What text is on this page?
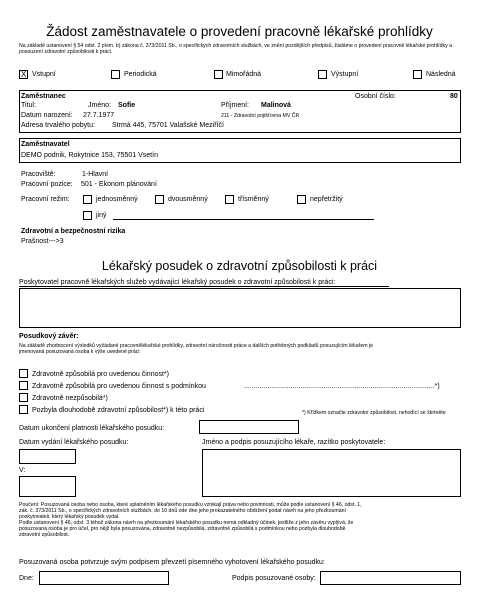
Žádost zaměstnavatele o provedení pracovně lékařské prohlídky
Na základě ustanovení § 54 odst. 2 písm. b) zákona č. 373/2011 Sb., o specifických zdravotních službách, ve znění pozdějších předpisů, žádáme o provedení pracovně lékařské prohlídky a posouzení zdravotní způsobilosti k práci.
X Vstupní	Periodická	Mimořádná	Výstupní	Následná
Zaměstnanec	Osobní číslo:	80
Titul:	Jméno: Sofie	Příjmení: Malinová
Datum narození: 27.7.1977	211 - Zdravotní pojišťovna MV ČR
Adresa trvalého pobytu: Strmá 445, 75701 Valašské Meziříčí
Zaměstnavatel
DEMO podnik, Rokytnice 153, 75501 Vsetín
Pracoviště:	1-Hlavní
Pracovní pozice: 501 - Ekonom plánování
Pracovní režim:	jednosměnný	dvousměnný	třísměnný	nepřetržitý
jiný
Zdravotní a bezpečnostní rizika
Prašnost--->3
Lékařský posudek o zdravotní způsobilosti k práci
Poskytovatel pracovně lékařských služeb vydávající lékařský posudek o zdravotní způsobilosti k práci:
Posudkový závěr:
Na základě zhodnocení výsledků vyžádané pracovnělékařské prohlídky, zdravotní náročnosti práce a dalších potřebných podkladů posuzujícím lékařem je jmenovaná posuzovaná osoba k výše uvedené práci
Zdravotně způsobilá pro uvedenou činnost*)
Zdravotně způsobilá pro uvedenou činnost s podmínkou	..................................................................................................*)
Zdravotně nezpůsobilá*)
Pozbyla dlouhodobě zdravotní způsobilost*) k této práci	*) Křížkem označte zdravotní způsobilost, nehodící se škrtněte
Datum ukončení platnosti lékařského posudku:
Datum vydání lékařského posudku:	Jméno a podpis posuzujícího lékaře, razítko poskytovatele:
V:
Poučení: Posuzovaná osoba nebo osoba, které uplatněním lékařského posudku vznikají práva nebo povinnosti, může podle ustanovení § 46, odst. 1,
zák. č. 373/2011 Sb., o specifických zdravotních službách, do 10 dnů ode dne jeho prokazatelného obdržení podat návrh na jeho přezkoumání
poskytovateli, který lékařský posudek vydal.
Podle ustanovení § 46, odst. 3 téhož zákona návrh na přezkoumání lékařského posudku nemá odkladný účinek, jestliže z jeho závěru vyplývá, že
posuzovaná osoba je pro účel, pro nějž byla posuzována, zdravotně nezpůsobilá, zdravotně způsobilá s podmínkou nebo pozbyla dlouhodobě
zdravotní způsobilost.
Posuzovaná osoba potvrzuje svým podpisem převzetí písemného vyhotovení lékařského posudku:
Dne:	Podpis posuzované osoby:
